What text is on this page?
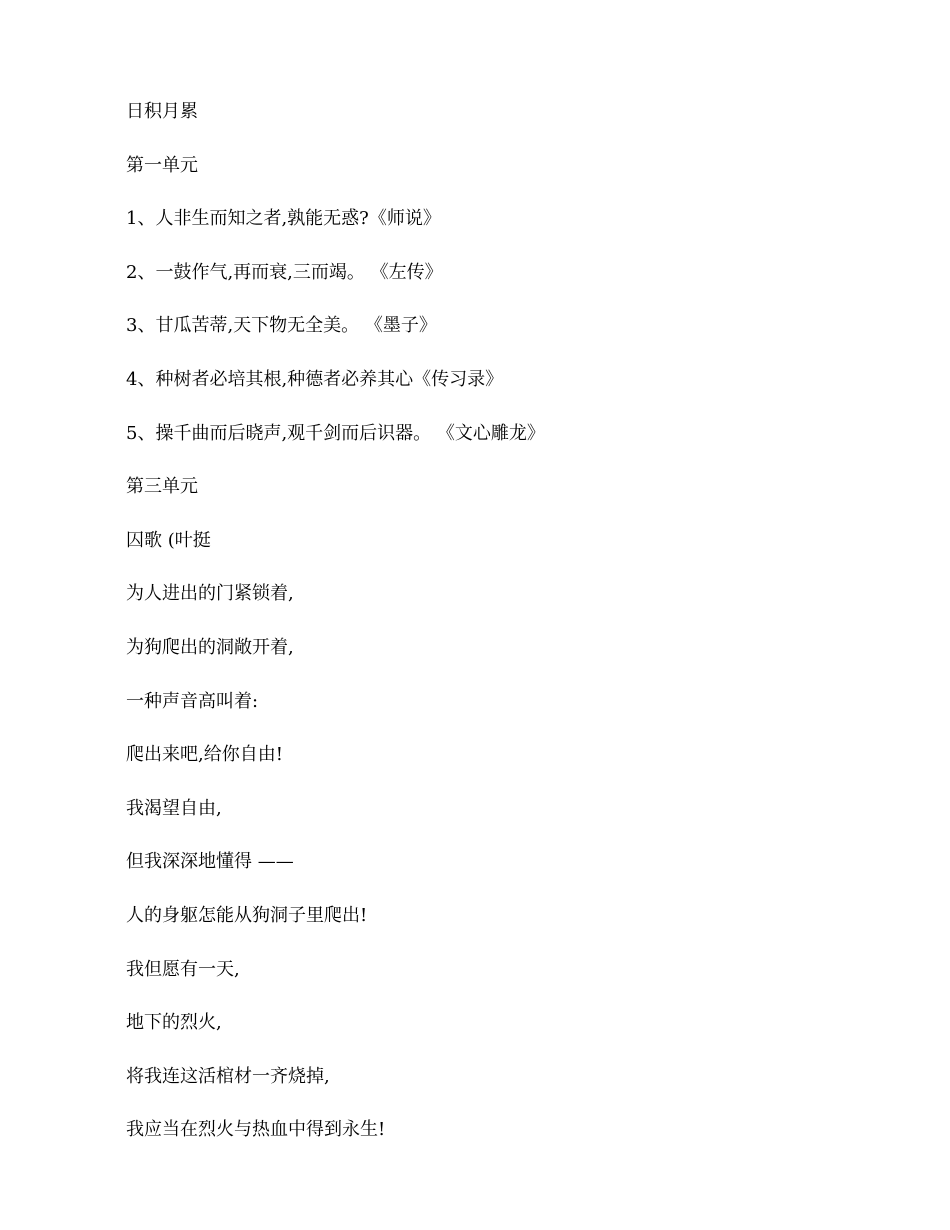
日积月累
第一单元
1、人非生而知之者,孰能无惑?《师说》
2、一鼓作气,再而衰,三而竭。 《左传》
3、甘瓜苦蒂,天下物无全美。 《墨子》
4、种树者必培其根,种德者必养其心《传习录》
5、操千曲而后晓声,观千剑而后识器。 《文心雕龙》
第三单元
囚歌 (叶挺
为人进出的门紧锁着,
为狗爬出的洞敞开着,
一种声音高叫着:
爬出来吧,给你自由!
我渴望自由,
但我深深地懂得 ——
人的身躯怎能从狗洞子里爬出!
我但愿有一天,
地下的烈火,
将我连这活棺材一齐烧掉,
我应当在烈火与热血中得到永生!
